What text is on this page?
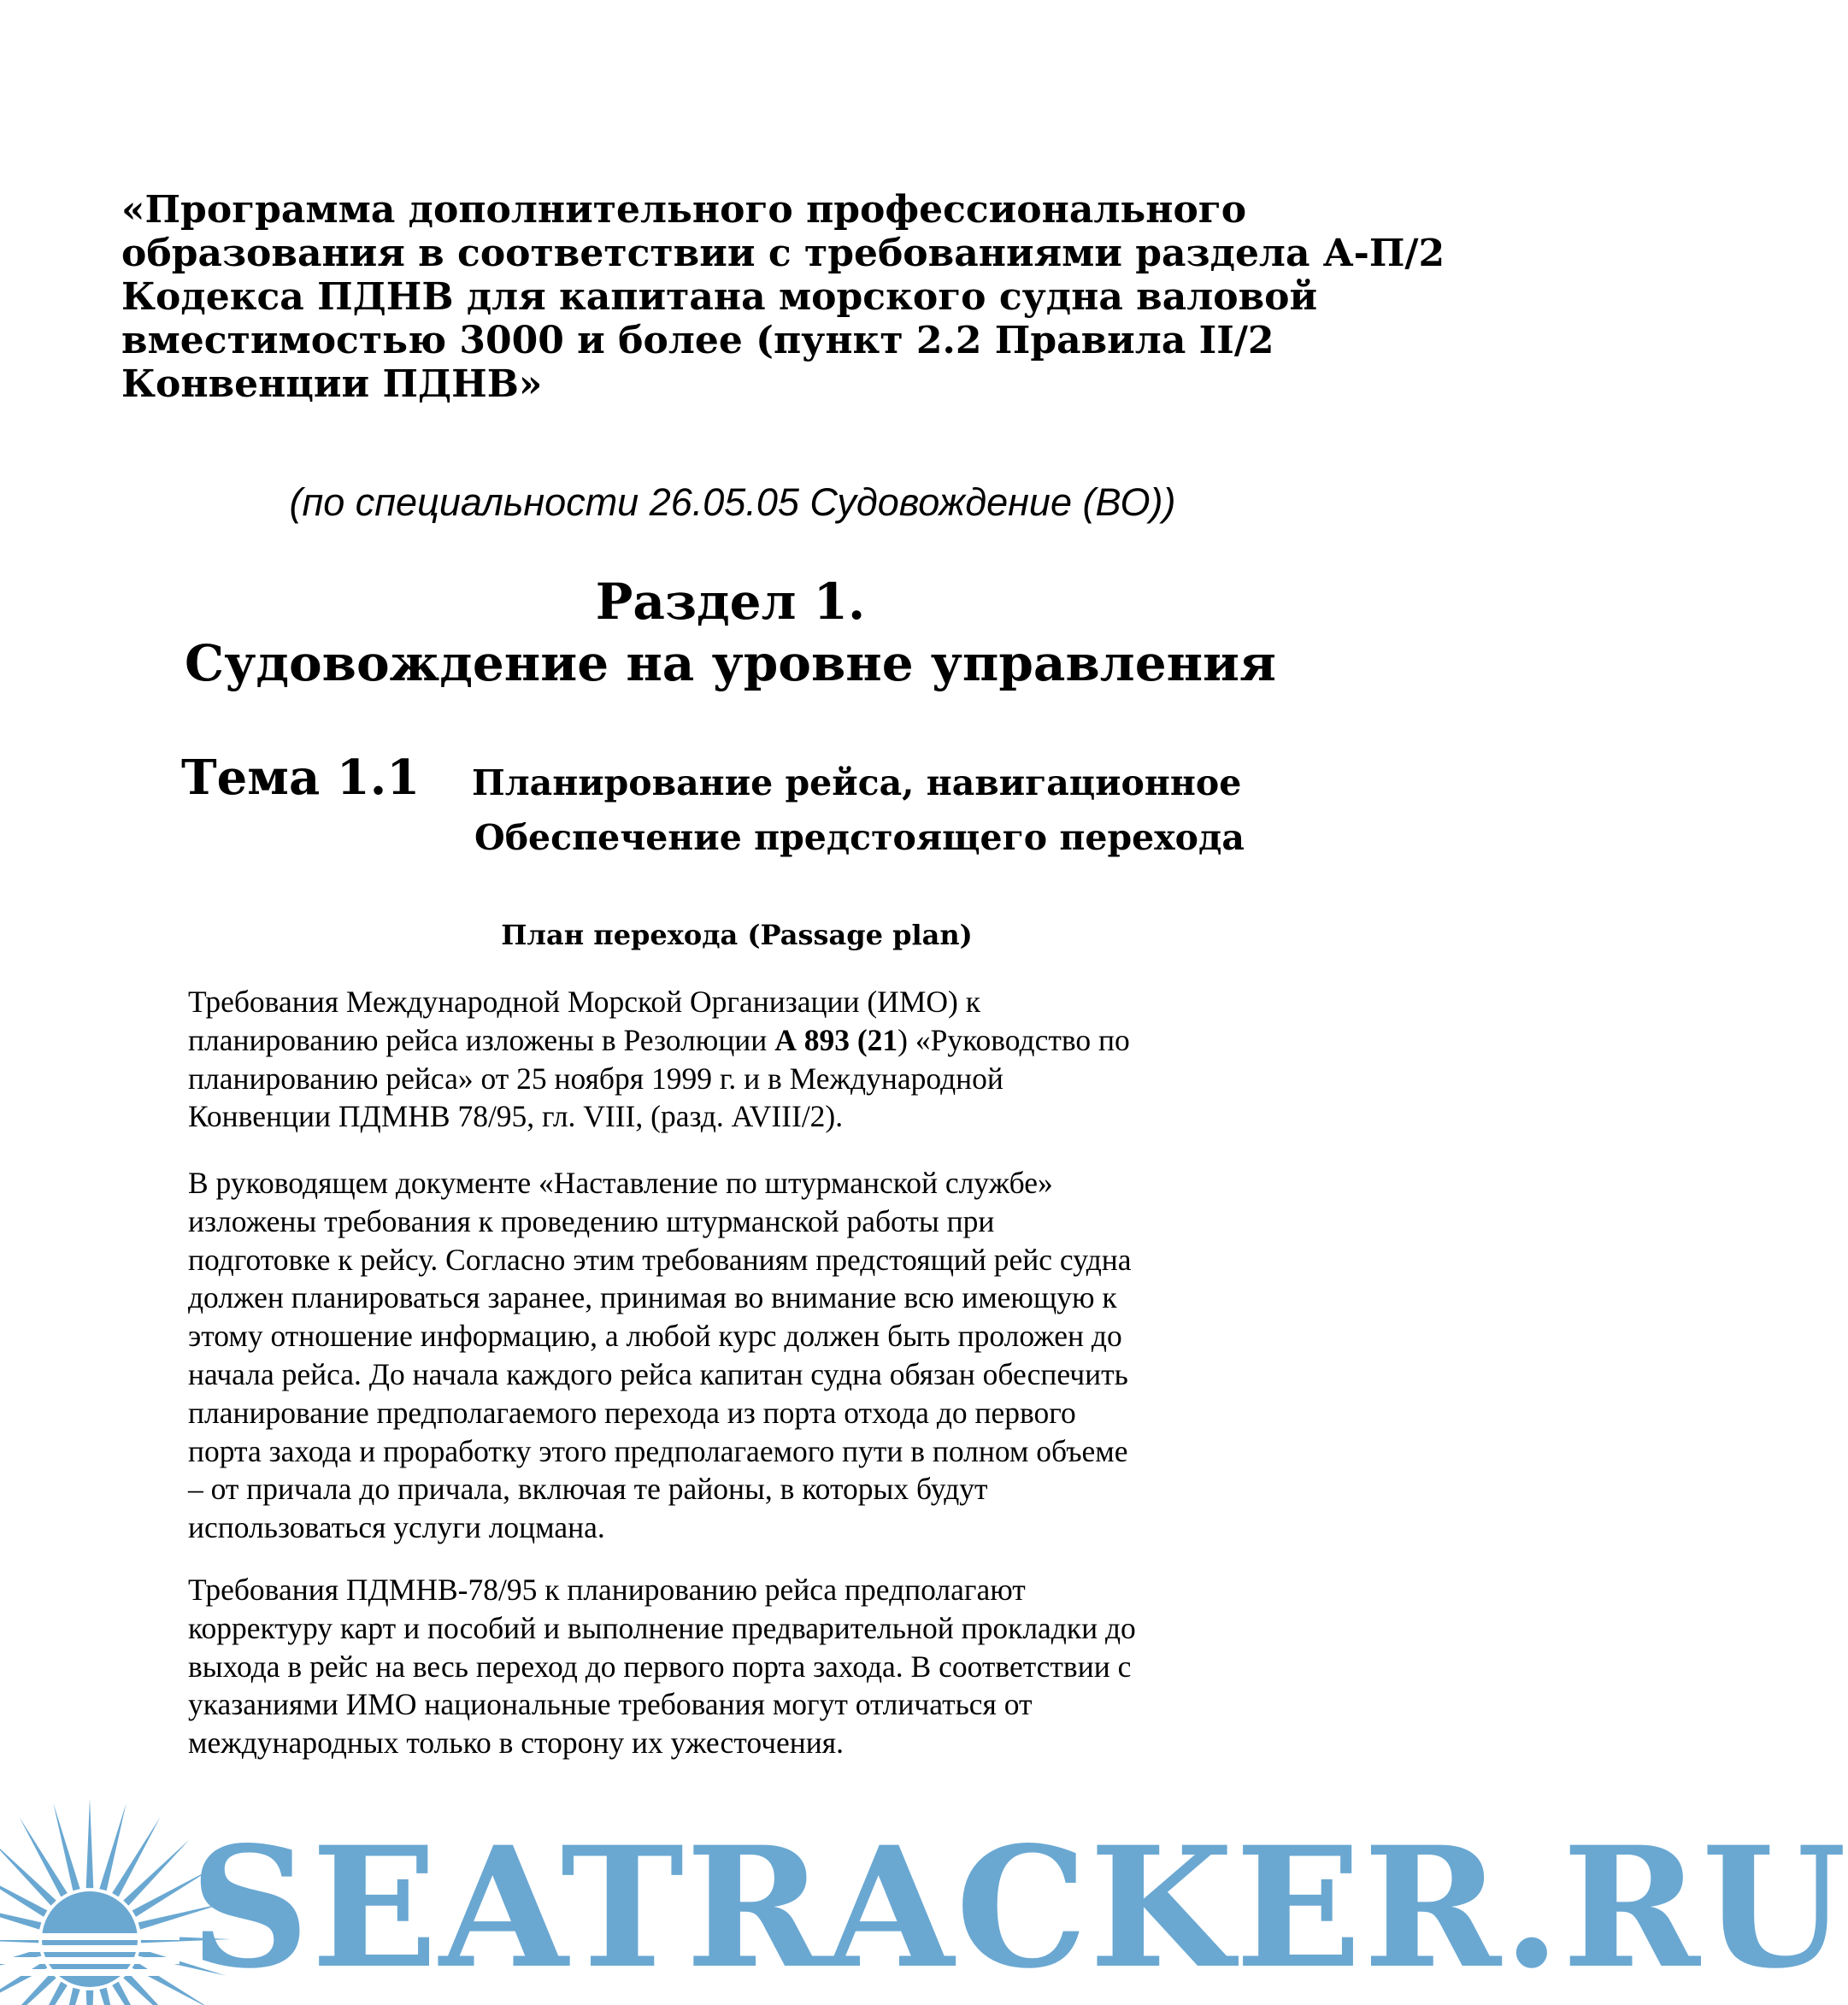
«Программа дополнительного профессионального
образования в соответствии с требованиями раздела А-П/2
Кодекса ПДНВ для капитана морского судна валовой
вместимостью 3000 и более (пункт 2.2 Правила II/2
Конвенции ПДНВ»

(по специальности 26.05.05 Судовождение (ВО))

Раздел 1.
Судовождение на уровне управления

Тема 1.1 Планирование рейса, навигационное
Обеспечение предстоящего перехода

План перехода (Passage plan)

Требования Международной Морской Организации (ИМО) к
планированию рейса изложены в Резолюции А 893 (21) «Руководство по
планированию рейса» от 25 ноября 1999 г. и в Международной
Конвенции ПДМНВ 78/95, гл. VIII, (разд. AVIII/2).
В руководящем документе «Наставление по штурманской службе»
изложены требования к проведению штурманской работы при
подготовке к рейсу. Согласно этим требованиям предстоящий рейс судна
должен планироваться заранее, принимая во внимание всю имеющую к
этому отношение информацию, а любой курс должен быть проложен до
начала рейса. До начала каждого рейса капитан судна обязан обеспечить
планирование предполагаемого перехода из порта отхода до первого
порта захода и проработку этого предполагаемого пути в полном объеме
– от причала до причала, включая те районы, в которых будут
использоваться услуги лоцмана.
Требования ПДМНВ-78/95 к планированию рейса предполагают
корректуру карт и пособий и выполнение предварительной прокладки до
выхода в рейс на весь переход до первого порта захода. В соответствии с
указаниями ИМО национальные требования могут отличаться от
международных только в сторону их ужесточения.
SEATRACKER.RU
